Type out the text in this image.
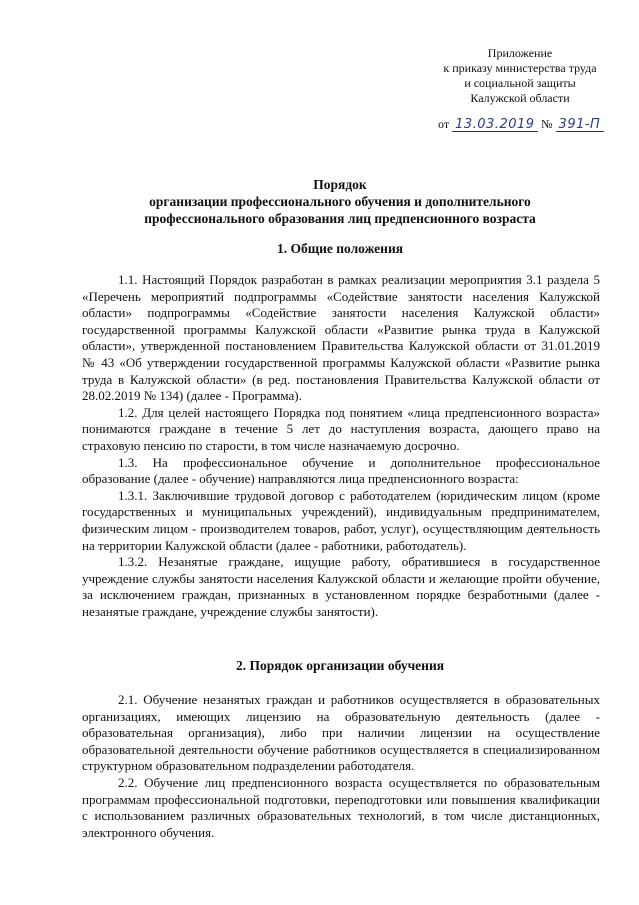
Приложение
к приказу министерства труда
и социальной защиты
Калужской области
от 13.03.2019 № 391-П
Порядок
организации профессионального обучения и дополнительного
профессионального образования лиц предпенсионного возраста
1. Общие положения

1.1. Настоящий Порядок разработан в рамках реализации мероприятия 3.1 раздела 5 «Перечень мероприятий подпрограммы «Содействие занятости населения Калужской области» подпрограммы «Содействие занятости населения Калужской области» государственной программы Калужской области «Развитие рынка труда в Калужской области», утвержденной постановлением Правительства Калужской области от 31.01.2019 № 43 «Об утверждении государственной программы Калужской области «Развитие рынка труда в Калужской области» (в ред. постановления Правительства Калужской области от 28.02.2019 № 134) (далее - Программа).

1.2. Для целей настоящего Порядка под понятием «лица предпенсионного возраста» понимаются граждане в течение 5 лет до наступления возраста, дающего право на страховую пенсию по старости, в том числе назначаемую досрочно.

1.3. На профессиональное обучение и дополнительное профессиональное образование (далее - обучение) направляются лица предпенсионного возраста:

1.3.1. Заключившие трудовой договор с работодателем (юридическим лицом (кроме государственных и муниципальных учреждений), индивидуальным предпринимателем, физическим лицом - производителем товаров, работ, услуг), осуществляющим деятельность на территории Калужской области (далее - работники, работодатель).

1.3.2. Незанятые граждане, ищущие работу, обратившиеся в государственное учреждение службы занятости населения Калужской области и желающие пройти обучение, за исключением граждан, признанных в установленном порядке безработными (далее - незанятые граждане, учреждение службы занятости).

2. Порядок организации обучения

2.1. Обучение незанятых граждан и работников осуществляется в образовательных организациях, имеющих лицензию на образовательную деятельность (далее - образовательная организация), либо при наличии лицензии на осуществление образовательной деятельности обучение работников осуществляется в специализированном структурном образовательном подразделении работодателя.

2.2. Обучение лиц предпенсионного возраста осуществляется по образовательным программам профессиональной подготовки, переподготовки или повышения квалификации с использованием различных образовательных технологий, в том числе дистанционных, электронного обучения.
